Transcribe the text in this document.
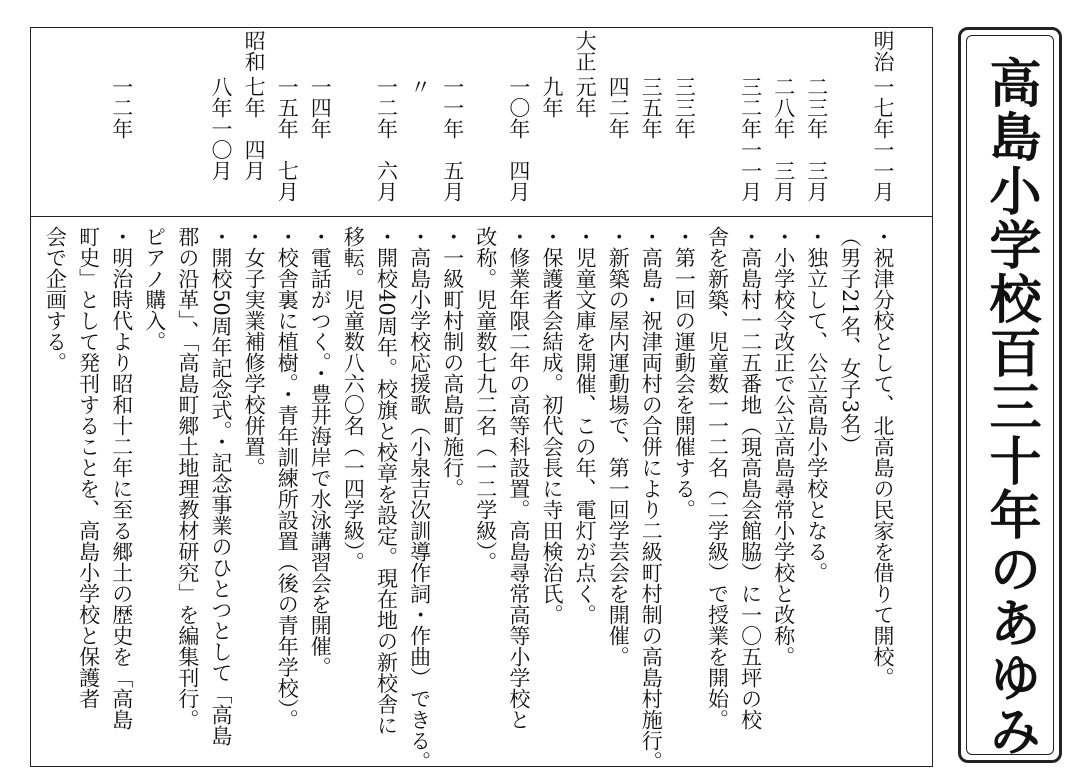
明治
一七年一一月
・祝津分校として、北高島の民家を借りて開校。
（男子21名、女子3名）
二三年　三月
・独立して、公立高島小学校となる。
二八年　三月
・小学校令改正で公立高島尋常小学校と改称。
三二年一一月
・高島村一二五番地（現高島会館脇）に一〇五坪の校
舎を新築、児童数一一二名（二学級）で授業を開始。
三三年
・第一回の運動会を開催する。
三五年
・高島・祝津両村の合併により二級町村制の高島村施行。
四二年
・新築の屋内運動場で、第一回学芸会を開催。
大正
元年
・児童文庫を開催、この年、電灯が点く。
九年
・保護者会結成。初代会長に寺田検治氏。
一〇年　四月
・修業年限二年の高等科設置。高島尋常高等小学校と
改称。児童数七九二名（一二学級）。
一一年　五月
・一級町村制の高島町施行。
〃
・高島小学校応援歌（小泉吉次訓導作詞・作曲）できる。
一二年　六月
・開校40周年。校旗と校章を設定。現在地の新校舎に
移転。児童数八六〇名（一四学級）。
一四年
・電話がつく。・豊井海岸で水泳講習会を開催。
一五年　七月
・校舎裏に植樹。・青年訓練所設置（後の青年学校）。
昭和
七年　四月
・女子実業補修学校併置。
八年一〇月
・開校50周年記念式。・記念事業のひとつとして「高島
郡の沿革」、「高島町郷土地理教材研究」を編集刊行。
ピアノ購入。
一二年
・明治時代より昭和十二年に至る郷土の歴史を「高島
町史」として発刊することを、高島小学校と保護者
会で企画する。	高島小学校
百三十年のあゆみ
